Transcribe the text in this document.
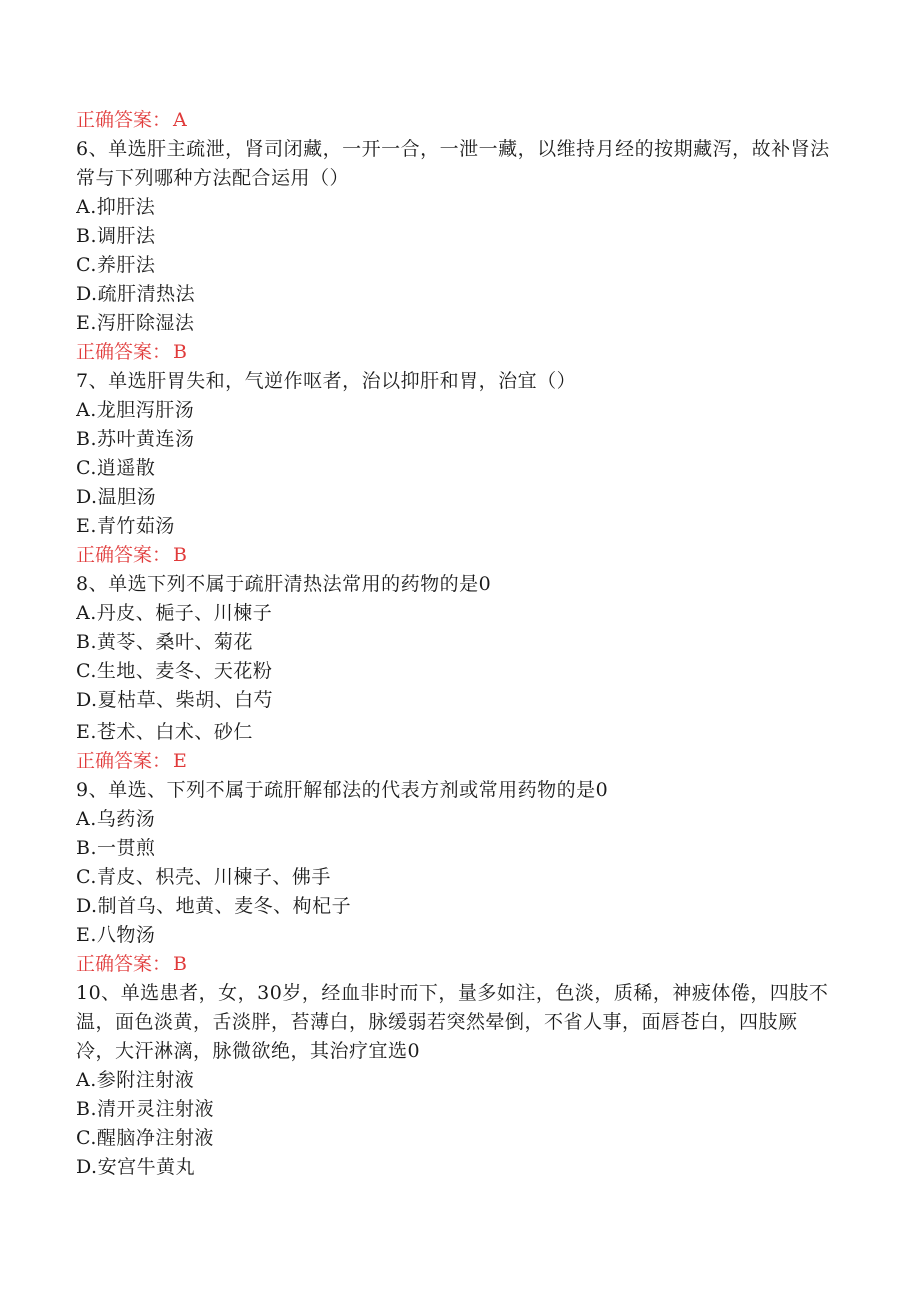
正确答案： A
6、单选肝主疏泄，肾司闭藏，一开一合，一泄一藏，以维持月经的按期藏泻，故补肾法常与下列哪种方法配合运用（）
A.抑肝法
B.调肝法
C.养肝法
D.疏肝清热法
E.泻肝除湿法
正确答案： B
7、单选肝胃失和，气逆作呕者，治以抑肝和胃，治宜（）
A.龙胆泻肝汤
B.苏叶黄连汤
C.逍遥散
D.温胆汤
E.青竹茹汤
正确答案： B
8、单选下列不属于疏肝清热法常用的药物的是0
A.丹皮、梔子、川楝子
B.黄苓、桑叶、菊花
C.生地、麦冬、天花粉
D.夏枯草、柴胡、白芍
E.苍术、白术、砂仁
正确答案： E
9、单选、下列不属于疏肝解郁法的代表方剂或常用药物的是0
A.乌药汤
B.一贯煎
C.青皮、枳壳、川楝子、佛手
D.制首乌、地黄、麦冬、枸杞子
E.八物汤
正确答案： B
10、单选患者，女，30岁，经血非时而下，量多如注，色淡，质稀，神疲体倦，四肢不温，面色淡黄，舌淡胖，苔薄白，脉缓弱若突然晕倒，不省人事，面唇苍白，四肢厥冷，大汗淋漓，脉微欲绝，其治疗宜选0
A.参附注射液
B.清开灵注射液
C.醒脑净注射液
D.安宫牛黄丸
